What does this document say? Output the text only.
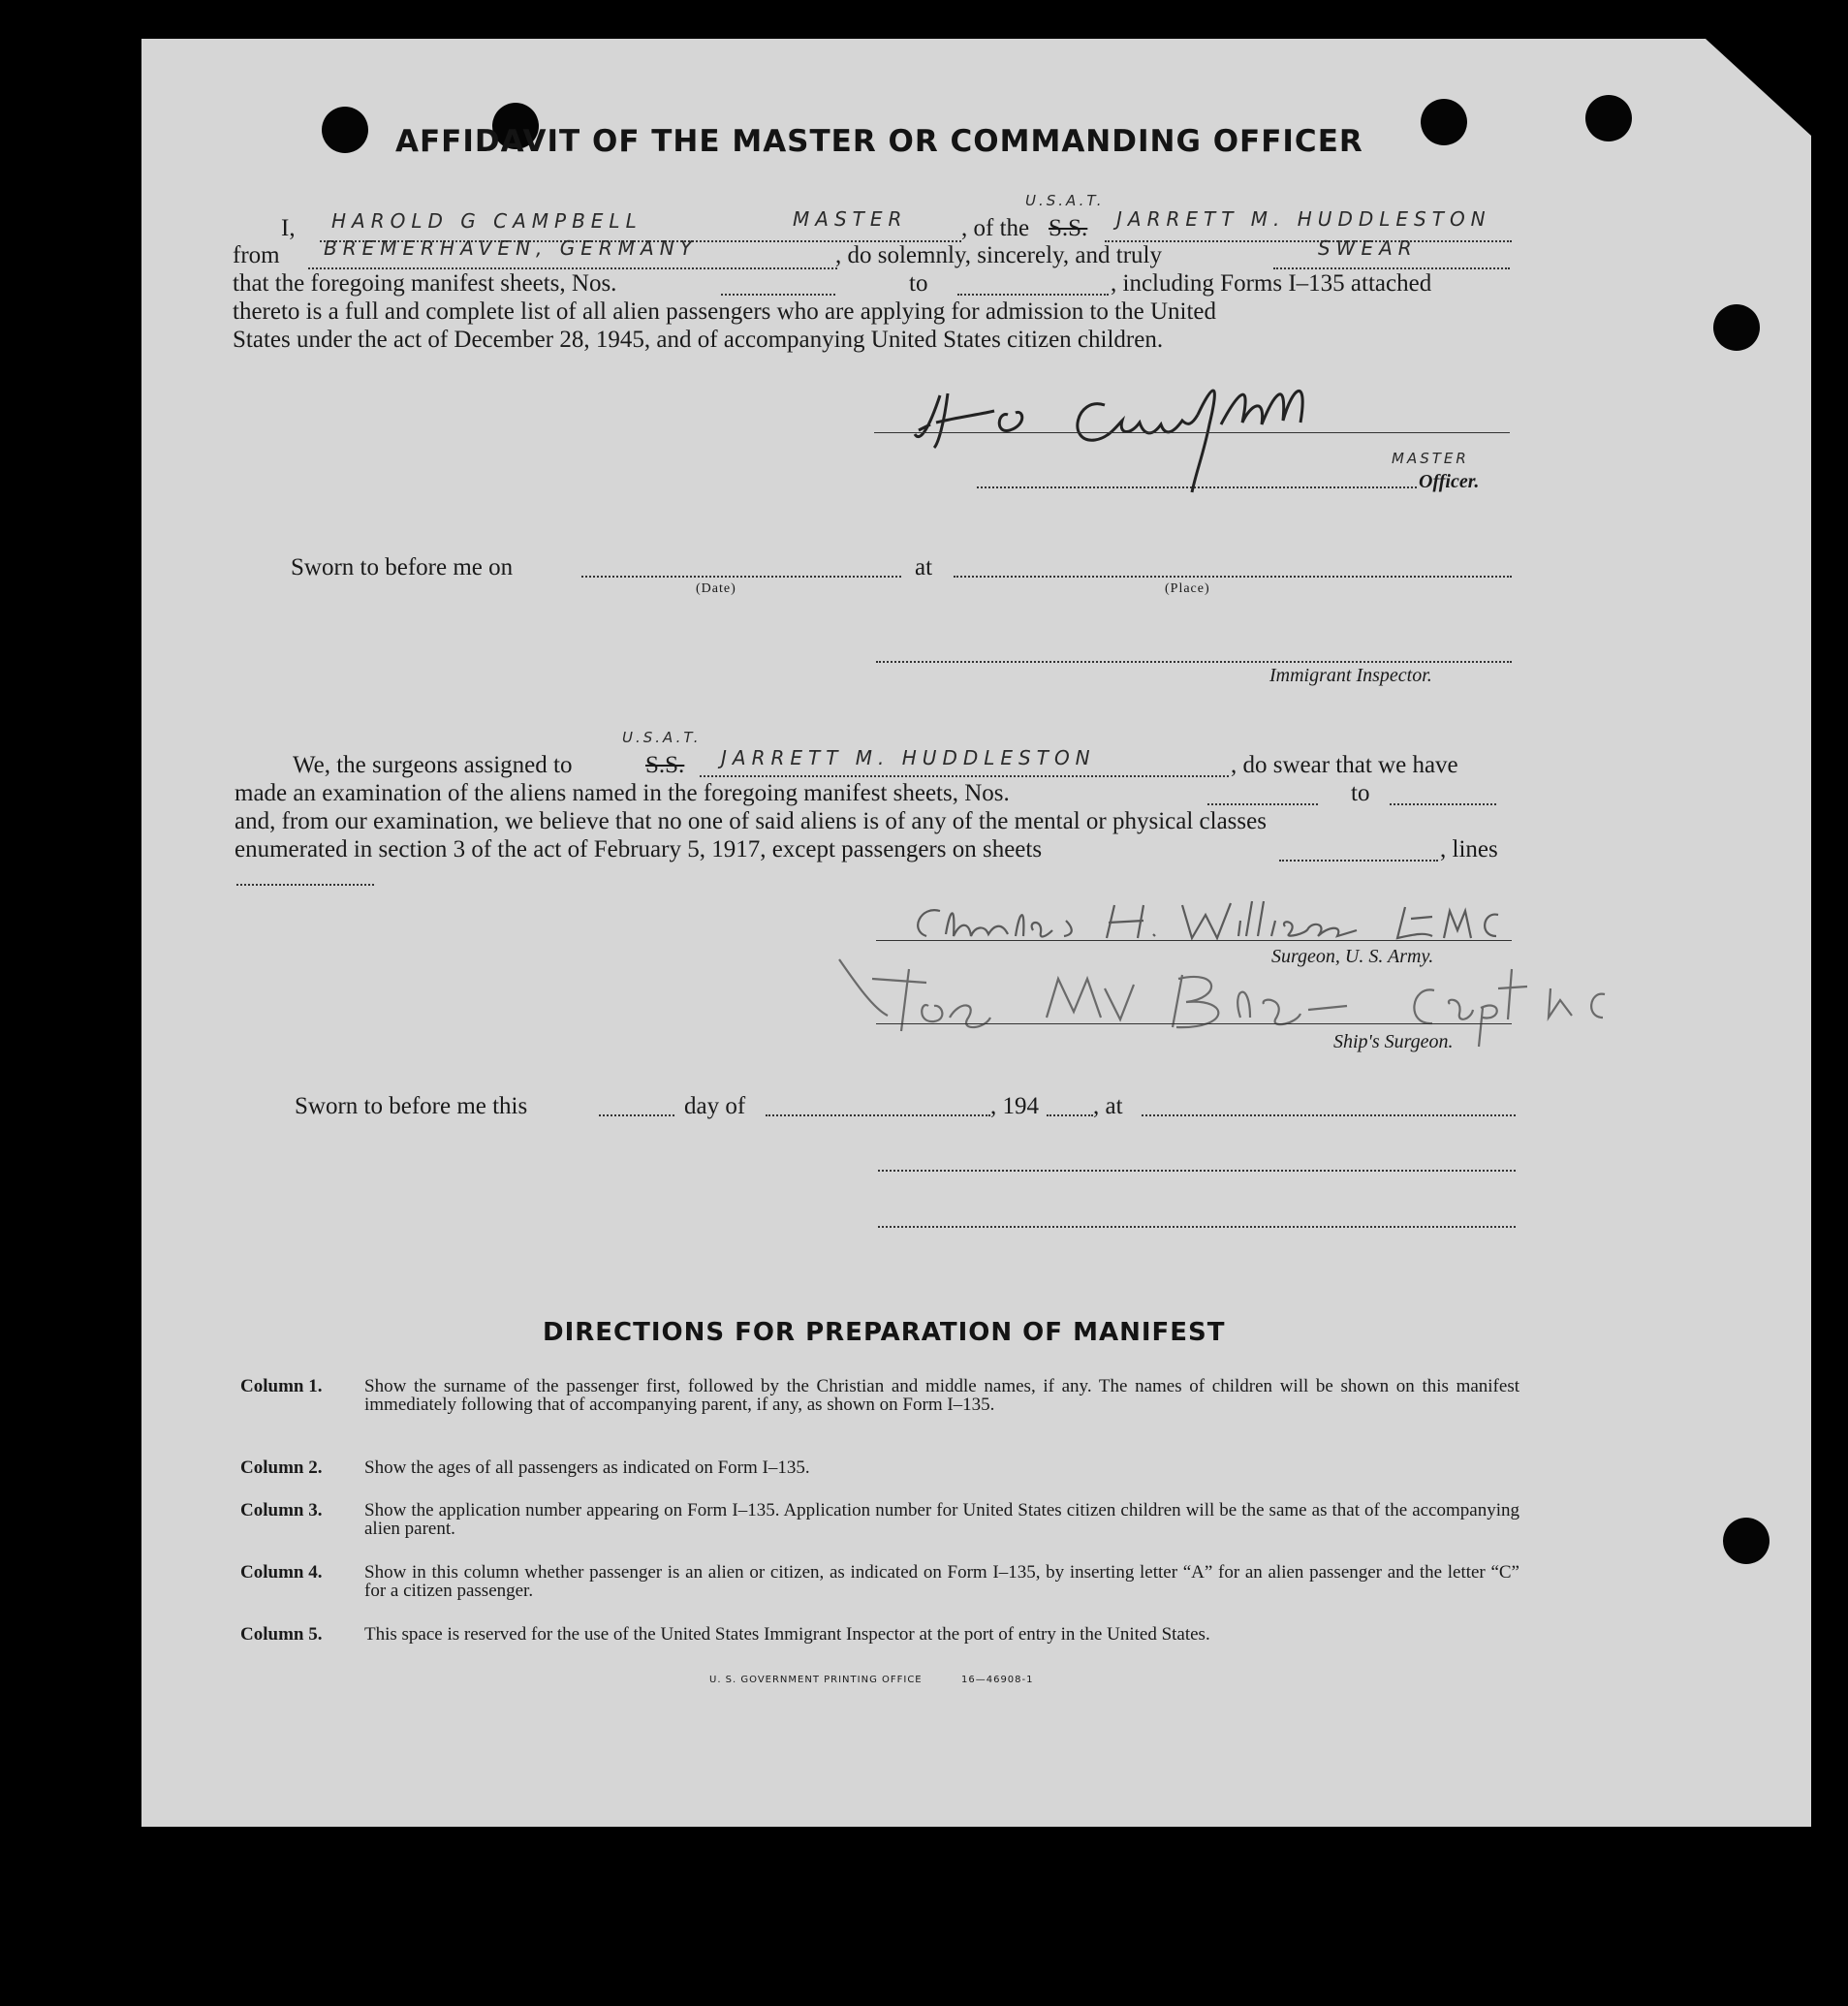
AFFIDAVIT OF THE MASTER OR COMMANDING OFFICER
I, HAROLD G CAMPBELL	MASTER , of the S.S.
U.S.A.T.
JARRETT M. HUDDLESTON
from BREMERHAVEN, GERMANY	, do solemnly, sincerely, and truly	SWEAR
that the foregoing manifest sheets, Nos.	to	, including Forms I–135 attached
thereto is a full and complete list of all alien passengers who are applying for admission to the United
States under the act of December 28, 1945, and of accompanying United States citizen children.
MASTER
Officer.
Sworn to before me on	at
(Date)	(Place)
Immigrant Inspector.
We, the surgeons assigned to	S.S.
U.S.A.T.
JARRETT M. HUDDLESTON	, do swear that we have
made an examination of the aliens named in the foregoing manifest sheets, Nos.	to
and, from our examination, we believe that no one of said aliens is of any of the mental or physical classes
enumerated in section 3 of the act of February 5, 1917, except passengers on sheets	, lines
Surgeon, U. S. Army.
Ship's Surgeon.
Sworn to before me this	day of	, 194 , at
DIRECTIONS FOR PREPARATION OF MANIFEST
Column 1. Show the surname of the passenger first, followed by the Christian and middle names, if any. The names of children will be shown on this manifest immediately following that of accompanying parent, if any, as shown on Form I–135.
Column 2. Show the ages of all passengers as indicated on Form I–135.
Column 3. Show the application number appearing on Form I–135. Application number for United States citizen children will be the same as that of the accompanying alien parent.
Column 4. Show in this column whether passenger is an alien or citizen, as indicated on Form I–135, by inserting letter “A” for an alien passenger and the letter “C” for a citizen passenger.
Column 5. This space is reserved for the use of the United States Immigrant Inspector at the port of entry in the United States.
U. S. GOVERNMENT PRINTING OFFICE	16—46908-1
